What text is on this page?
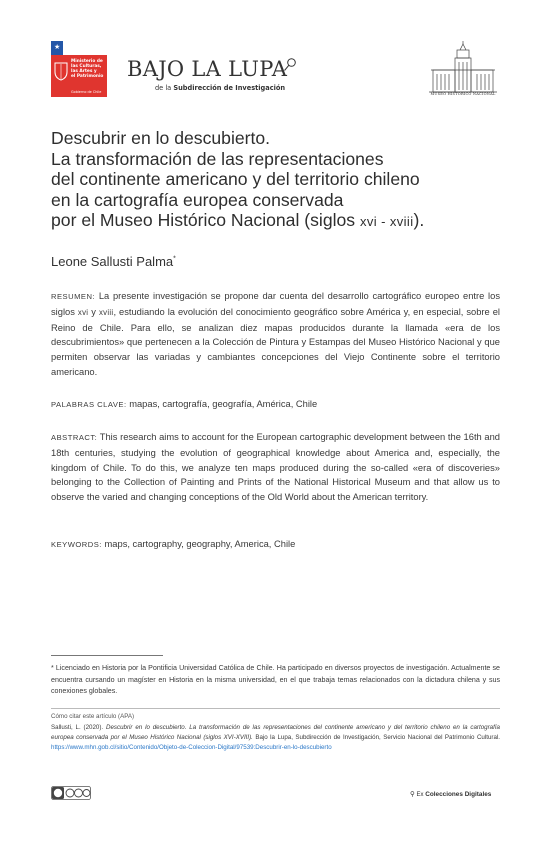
★
Ministerio de
las Culturas,
las Artes y
el Patrimonio
Gobierno de Chile
BAJO LA LUPA
de la Subdirección de Investigación
MUSEO HISTÓRICO NACIONAL
Descubrir en lo descubierto.
La transformación de las representaciones
del continente americano y del territorio chileno
en la cartografía europea conservada
por el Museo Histórico Nacional (siglos xvi - xviii).
Leone Sallusti Palma*
RESUMEN: La presente investigación se propone dar cuenta del desarrollo cartográfico europeo entre los siglos xvi y xviii, estudiando la evolución del conocimiento geográfico sobre América y, en especial, sobre el Reino de Chile. Para ello, se analizan diez mapas producidos durante la llamada «era de los descubrimientos» que pertenecen a la Colección de Pintura y Estampas del Museo Histórico Nacional y que permiten observar las variadas y cambiantes concepciones del Viejo Continente sobre el territorio americano.
PALABRAS CLAVE: mapas, cartografía, geografía, América, Chile
ABSTRACT: This research aims to account for the European cartographic development between the 16th and 18th centuries, studying the evolution of geographical knowledge about America and, especially, the kingdom of Chile. To do this, we analyze ten maps produced during the so-called «era of discoveries» belonging to the Collection of Painting and Prints of the National Historical Museum and that allow us to observe the varied and changing conceptions of the Old World about the American territory.
KEYWORDS: maps, cartography, geography, America, Chile
* Licenciado en Historia por la Pontificia Universidad Católica de Chile. Ha participado en diversos proyectos de investigación. Actualmente se encuentra cursando un magíster en Historia en la misma universidad, en el que trabaja temas relacionados con la dictadura chilena y sus conexiones globales.
Cómo citar este artículo (APA)
Sallusti, L. (2020). Descubrir en lo descubierto. La transformación de las representaciones del continente americano y del territorio chileno en la cartografía europea conservada por el Museo Histórico Nacional (siglos XVI-XVIII). Bajo la Lupa, Subdirección de Investigación, Servicio Nacional del Patrimonio Cultural. https://www.mhn.gob.cl/sitio/Contenido/Objeto-de-Coleccion-Digital/97539:Descubrir-en-lo-descubierto
⚲ Ex Colecciones Digitales
